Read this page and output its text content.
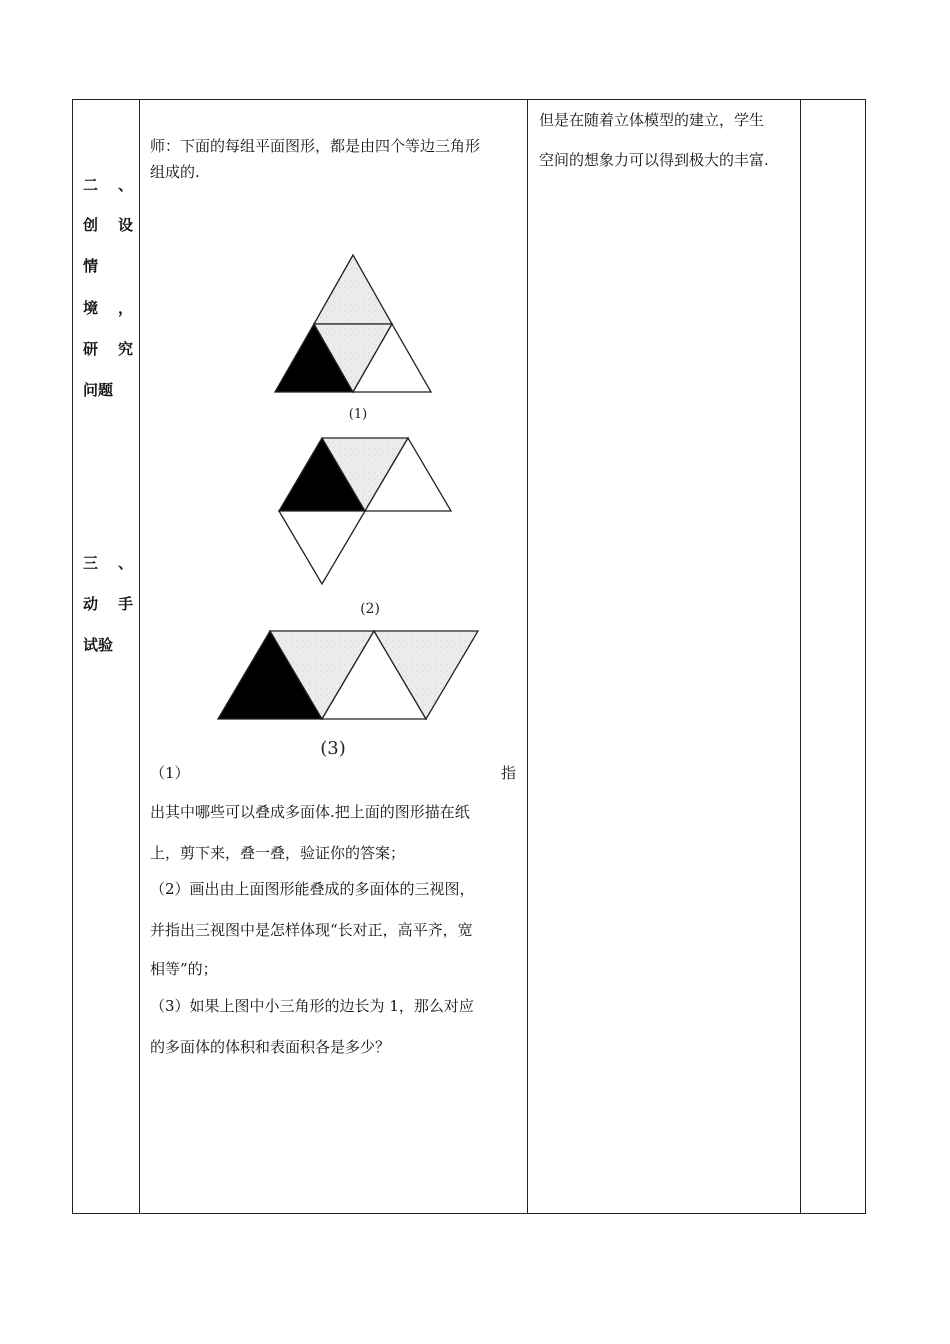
二 、
创 设
情
境 ，
研 究
问题
三 、
动 手
试验
师：下面的每组平面图形，都是由四个等边三角形
组成的.
(1)
(2)
(3)
（1）	指
出其中哪些可以叠成多面体.把上面的图形描在纸
上，剪下来，叠一叠，验证你的答案；
（2）画出由上面图形能叠成的多面体的三视图，
并指出三视图中是怎样体现“长对正，高平齐，宽
相等”的；
（3）如果上图中小三角形的边长为 1，那么对应
的多面体的体积和表面积各是多少？
但是在随着立体模型的建立，学生
空间的想象力可以得到极大的丰富.
